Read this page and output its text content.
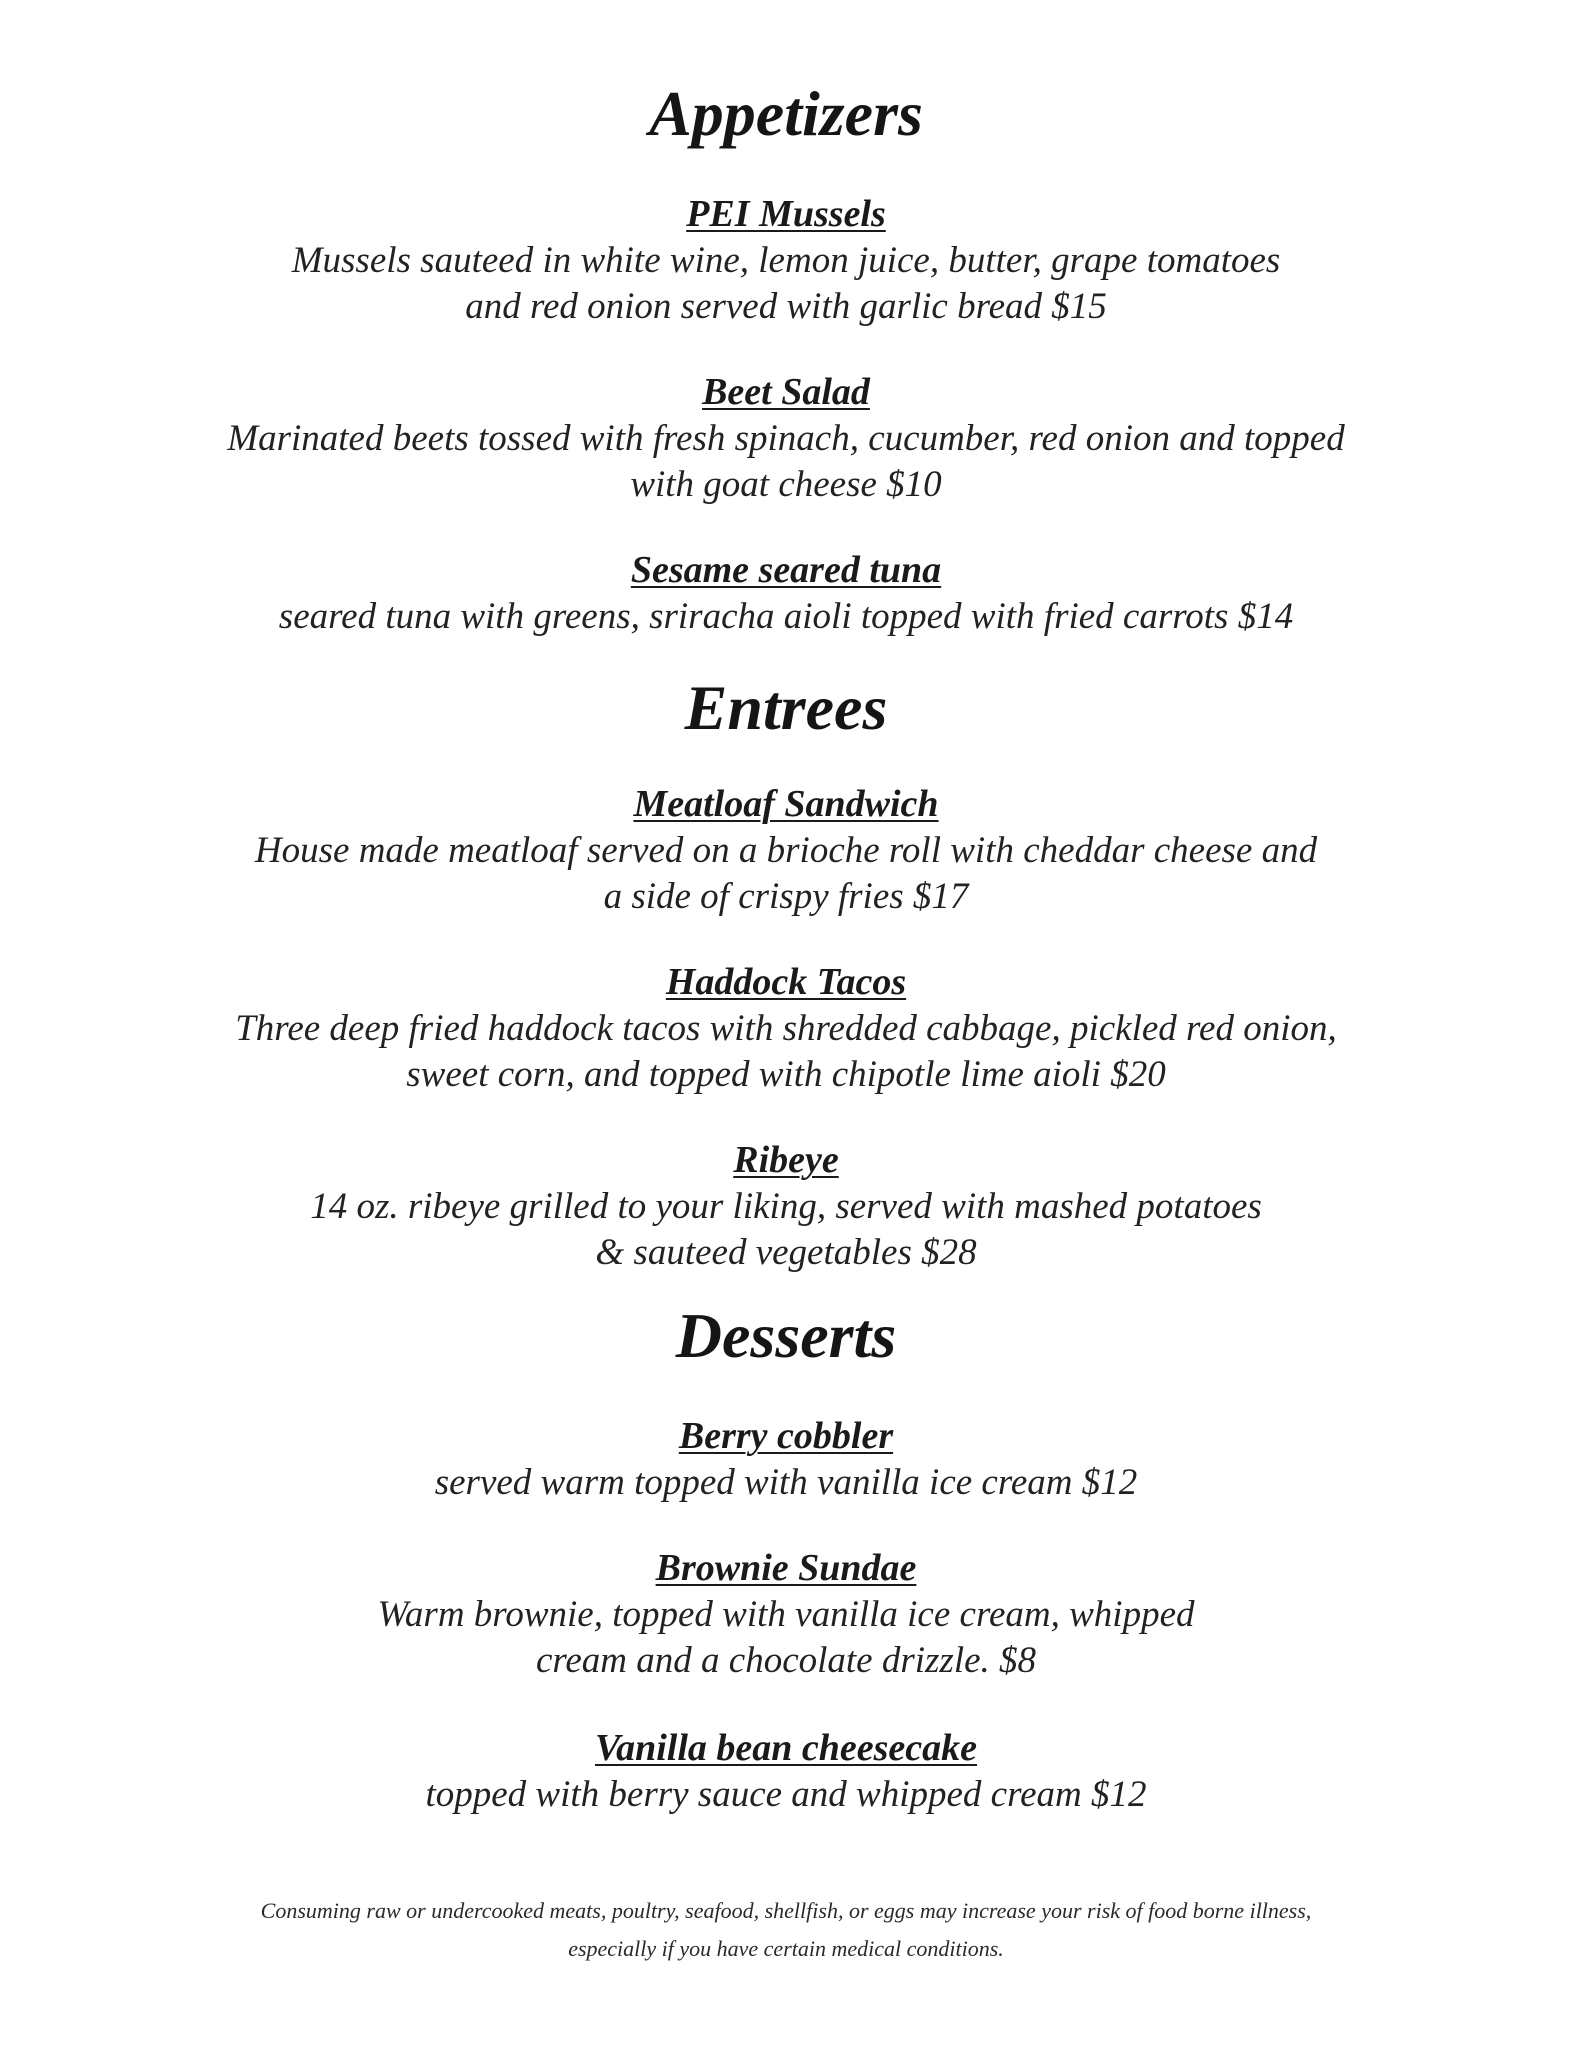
Appetizers
PEI Mussels
Mussels sauteed in white wine, lemon juice, butter, grape tomatoes
and red onion served with garlic bread $15
Beet Salad
Marinated beets tossed with fresh spinach, cucumber, red onion and topped
with goat cheese $10
Sesame seared tuna
seared tuna with greens, sriracha aioli topped with fried carrots $14
Entrees
Meatloaf Sandwich
House made meatloaf served on a brioche roll with cheddar cheese and
a side of crispy fries $17
Haddock Tacos
Three deep fried haddock tacos with shredded cabbage, pickled red onion,
sweet corn, and topped with chipotle lime aioli $20
Ribeye
14 oz. ribeye grilled to your liking, served with mashed potatoes
& sauteed vegetables $28
Desserts
Berry cobbler
served warm topped with vanilla ice cream $12
Brownie Sundae
Warm brownie, topped with vanilla ice cream, whipped
cream and a chocolate drizzle. $8
Vanilla bean cheesecake
topped with berry sauce and whipped cream $12
Consuming raw or undercooked meats, poultry, seafood, shellfish, or eggs may increase your risk of food borne illness,
especially if you have certain medical conditions.
